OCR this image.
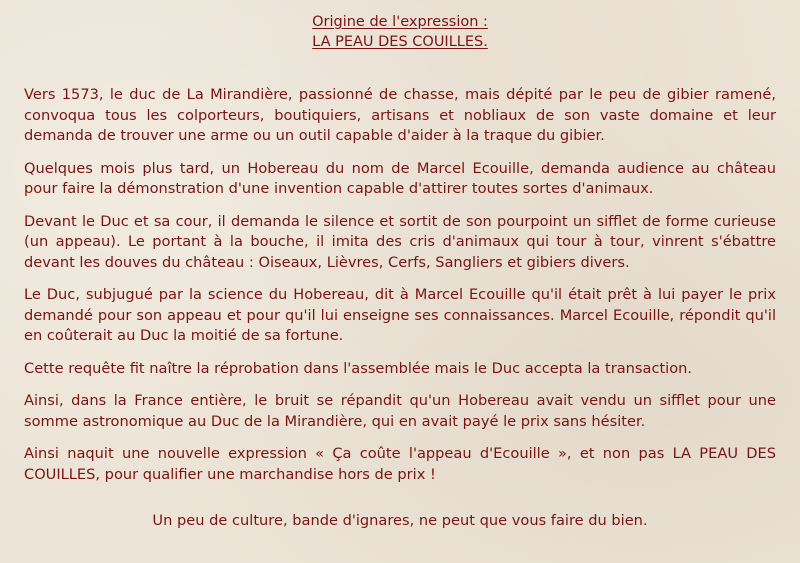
Origine de l'expression :
LA PEAU DES COUILLES.

Vers 1573, le duc de La Mirandière, passionné de chasse, mais dépité par le peu de gibier ramené, convoqua tous les colporteurs, boutiquiers, artisans et nobliaux de son vaste domaine et leur demanda de trouver une arme ou un outil capable d'aider à la traque du gibier.

Quelques mois plus tard, un Hobereau du nom de Marcel Ecouille, demanda audience au château pour faire la démonstration d'une invention capable d'attirer toutes sortes d'animaux.

Devant le Duc et sa cour, il demanda le silence et sortit de son pourpoint un sifflet de forme curieuse (un appeau). Le portant à la bouche, il imita des cris d'animaux qui tour à tour, vinrent s'ébattre devant les douves du château : Oiseaux, Lièvres, Cerfs, Sangliers et gibiers divers.

Le Duc, subjugué par la science du Hobereau, dit à Marcel Ecouille qu'il était prêt à lui payer le prix demandé pour son appeau et pour qu'il lui enseigne ses connaissances. Marcel Ecouille, répondit qu'il en coûterait au Duc la moitié de sa fortune.

Cette requête fit naître la réprobation dans l'assemblée mais le Duc accepta la transaction.

Ainsi, dans la France entière, le bruit se répandit qu'un Hobereau avait vendu un sifflet pour une somme astronomique au Duc de la Mirandière, qui en avait payé le prix sans hésiter.

Ainsi naquit une nouvelle expression « Ça coûte l'appeau d'Ecouille », et non pas LA PEAU DES COUILLES, pour qualifier une marchandise hors de prix !

Un peu de culture, bande d'ignares, ne peut que vous faire du bien.
